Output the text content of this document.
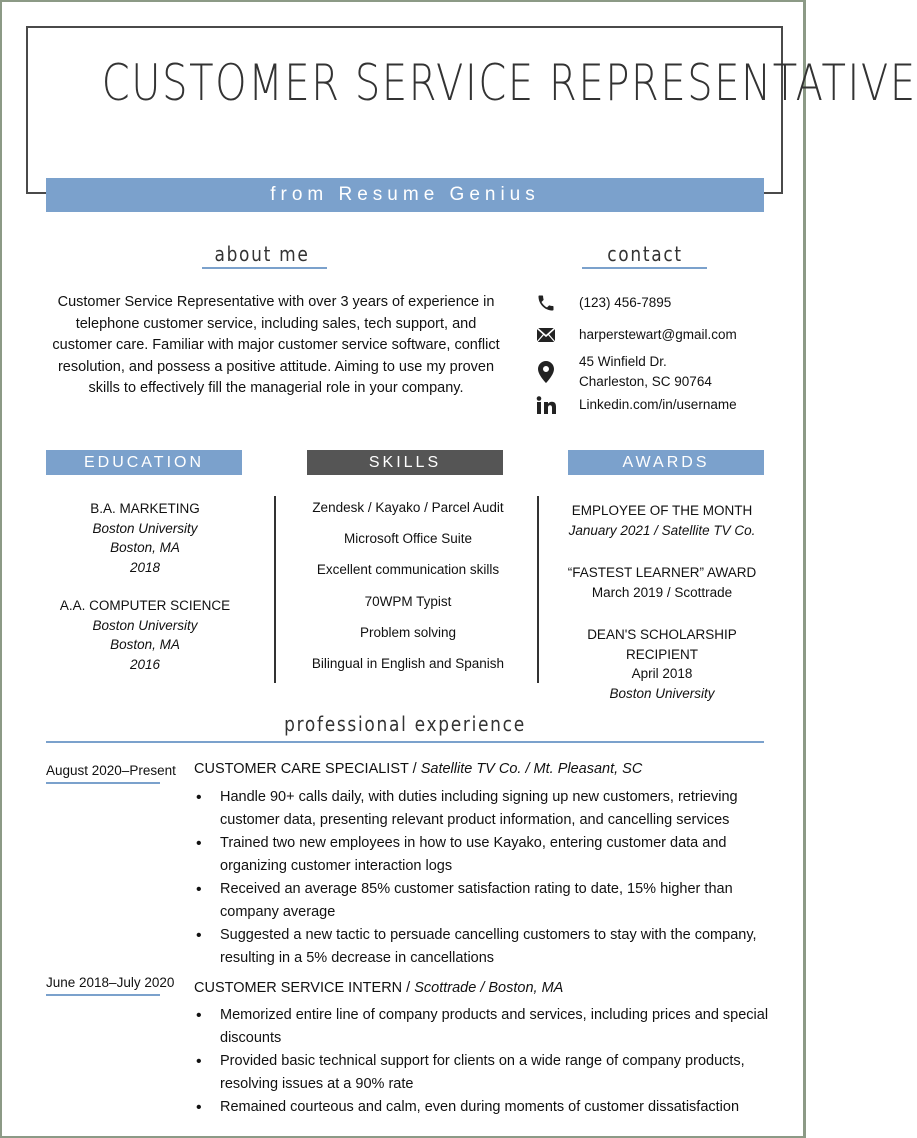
CUSTOMER SERVICE REPRESENTATIVE
from Resume Genius
about me
Customer Service Representative with over 3 years of experience in telephone customer service, including sales, tech support, and customer care. Familiar with major customer service software, conflict resolution, and possess a positive attitude. Aiming to use my proven skills to effectively fill the managerial role in your company.
contact
(123) 456-7895
harperstewart@gmail.com
45 Winfield Dr.
Charleston, SC 90764
Linkedin.com/in/username
EDUCATION	SKILLS	AWARDS
B.A. MARKETING
Boston University
Boston, MA
2018
A.A. COMPUTER SCIENCE
Boston University
Boston, MA
2016
Zendesk / Kayako / Parcel Audit
Microsoft Office Suite
Excellent communication skills
70WPM Typist
Problem solving
Bilingual in English and Spanish
EMPLOYEE OF THE MONTH
January 2021 / Satellite TV Co.
“FASTEST LEARNER” AWARD
March 2019 / Scottrade
DEAN'S SCHOLARSHIP RECIPIENT
April 2018
Boston University
professional experience
August 2020–Present CUSTOMER CARE SPECIALIST / Satellite TV Co. / Mt. Pleasant, SC
• Handle 90+ calls daily, with duties including signing up new customers, retrieving customer data, presenting relevant product information, and cancelling services
• Trained two new employees in how to use Kayako, entering customer data and organizing customer interaction logs
• Received an average 85% customer satisfaction rating to date, 15% higher than company average
• Suggested a new tactic to persuade cancelling customers to stay with the company, resulting in a 5% decrease in cancellations
June 2018–July 2020 CUSTOMER SERVICE INTERN / Scottrade / Boston, MA
• Memorized entire line of company products and services, including prices and special discounts
• Provided basic technical support for clients on a wide range of company products, resolving issues at a 90% rate
• Remained courteous and calm, even during moments of customer dissatisfaction
